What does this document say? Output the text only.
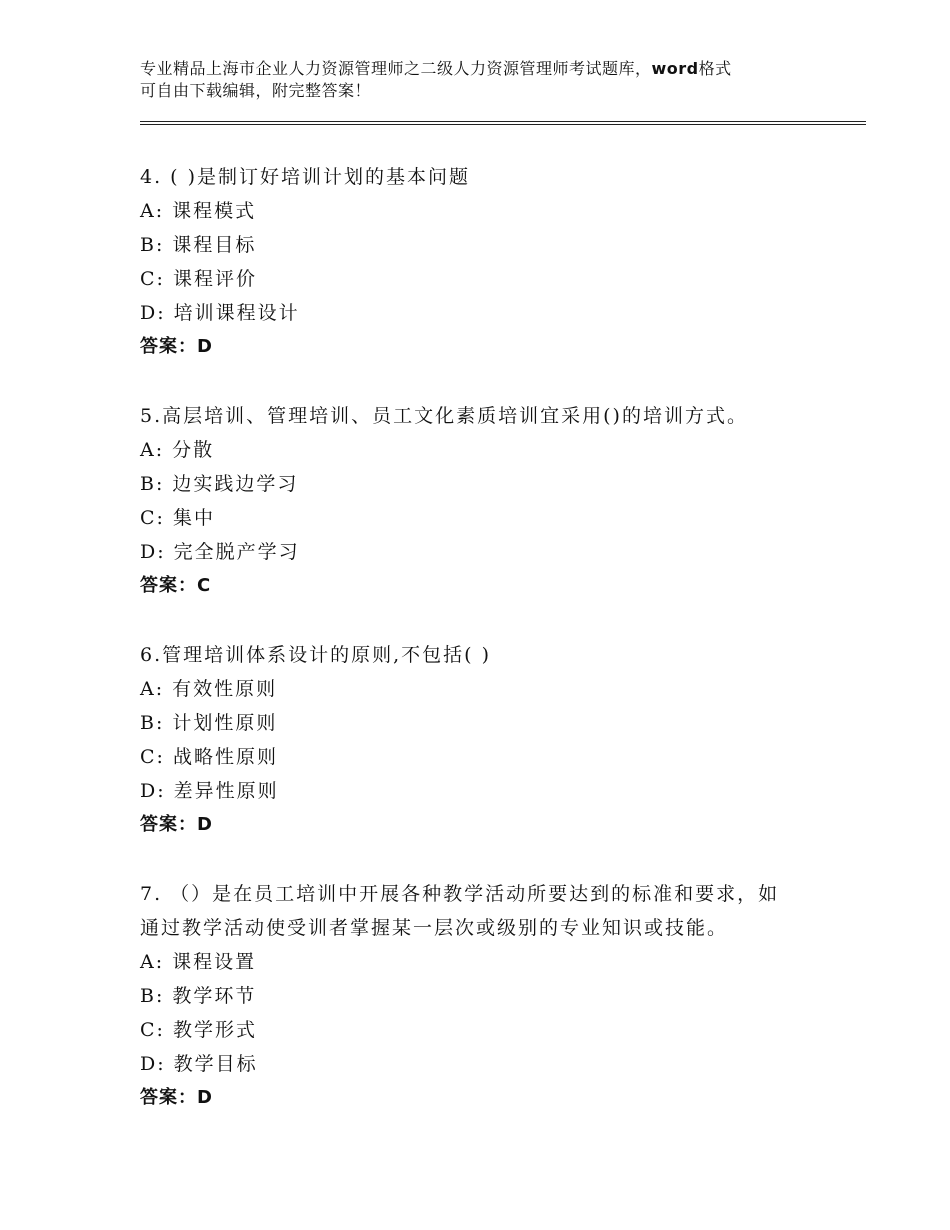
专业精品上海市企业人力资源管理师之二级人力资源管理师考试题库，word格式
可自由下载编辑，附完整答案！
4. ( )是制订好培训计划的基本问题
A: 课程模式
B: 课程目标
C: 课程评价
D: 培训课程设计
答案：D
5.高层培训、管理培训、员工文化素质培训宜采用()的培训方式。
A: 分散
B: 边实践边学习
C: 集中
D: 完全脱产学习
答案：C
6.管理培训体系设计的原则,不包括( )
A: 有效性原则
B: 计划性原则
C: 战略性原则
D: 差异性原则
答案：D
7. （）是在员工培训中开展各种教学活动所要达到的标准和要求，如
通过教学活动使受训者掌握某一层次或级别的专业知识或技能。
A: 课程设置
B: 教学环节
C: 教学形式
D: 教学目标
答案：D
